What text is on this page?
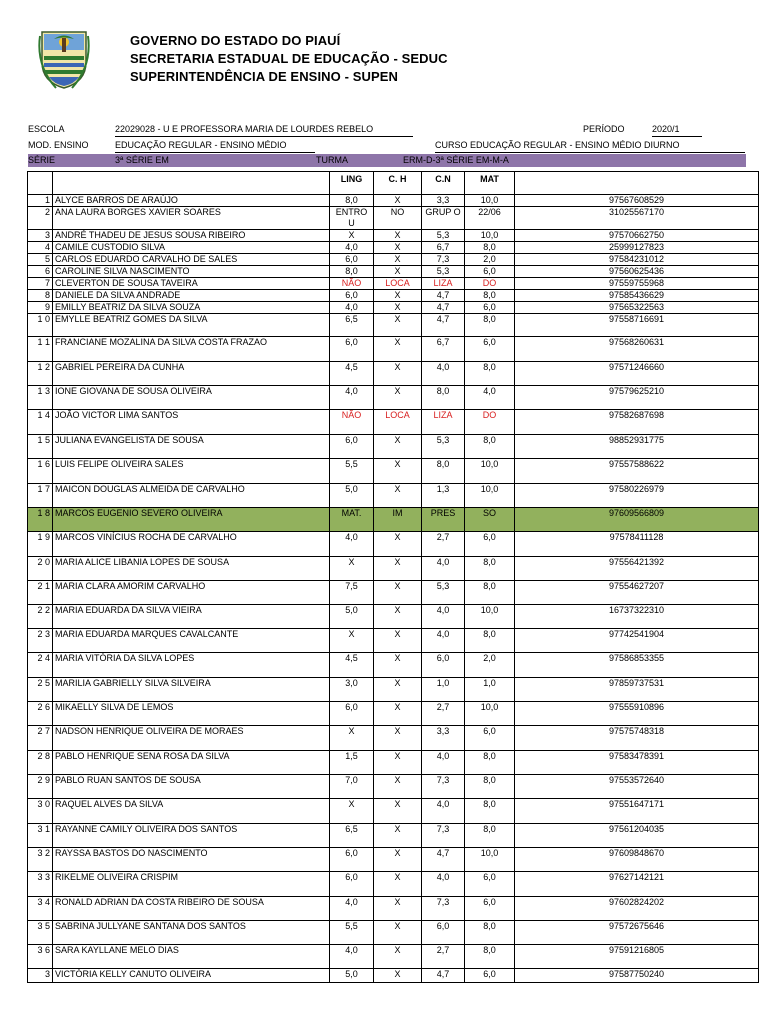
GOVERNO DO ESTADO DO PIAUÍ
SECRETARIA ESTADUAL DE EDUCAÇÃO - SEDUC
SUPERINTENDÊNCIA DE ENSINO - SUPEN
ESCOLA	22029028 - U E PROFESSORA MARIA DE LOURDES REBELO	PERÍODO	2020/1
MOD. ENSINO	EDUCAÇÃO REGULAR - ENSINO MÉDIO	CURSO EDUCAÇÃO REGULAR - ENSINO MÉDIO DIURNO
SÉRIE	3ª SÉRIE EM	TURMA	ERM-D-3ª SÉRIE EM-M-A
		LING	C. H	C.N	MAT	
1	ALYCE BARROS DE ARAÚJO	8,0	X	3,3	10,0	97567608529
2	ANA LAURA BORGES XAVIER SOARES	ENTRO U	NO	GRUP O	22/06	31025567170
3	ANDRÉ THADEU DE JESUS SOUSA RIBEIRO	X	X	5,3	10,0	97570662750
4	CAMILE CUSTODIO SILVA	4,0	X	6,7	8,0	25999127823
5	CARLOS EDUARDO CARVALHO DE SALES	6,0	X	7,3	2,0	97584231012
6	CAROLINE SILVA NASCIMENTO	8,0	X	5,3	6,0	97560625436
7	CLEVERTON DE SOUSA TAVEIRA	NÃO	LOCA	LIZA	DO	97559755968
8	DANIELE DA SILVA ANDRADE	6,0	X	4,7	8,0	97585436629
9	EMILLY BEATRIZ DA SILVA SOUZA	4,0	X	4,7	6,0	97565322563
1 0	EMYLLE BEATRIZ GOMES DA SILVA	6,5	X	4,7	8,0	97558716691
1 1	FRANCIANE MOZALINA DA SILVA COSTA FRAZAO	6,0	X	6,7	6,0	97568260631
1 2	GABRIEL PEREIRA DA CUNHA	4,5	X	4,0	8,0	97571246660
1 3	IONE GIOVANA DE SOUSA OLIVEIRA	4,0	X	8,0	4,0	97579625210
1 4	JOÃO VICTOR LIMA SANTOS	NÃO	LOCA	LIZA	DO	97582687698
1 5	JULIANA EVANGELISTA DE SOUSA	6,0	X	5,3	8,0	98852931775
1 6	LUIS FELIPE OLIVEIRA SALES	5,5	X	8,0	10,0	97557588622
1 7	MAICON DOUGLAS ALMEIDA DE CARVALHO	5,0	X	1,3	10,0	97580226979
1 8	MARCOS EUGENIO SEVERO OLIVEIRA	MAT.	IM	PRES	SO	97609566809
1 9	MARCOS VINÍCIUS ROCHA DE CARVALHO	4,0	X	2,7	6,0	97578411128
2 0	MARIA ALICE LIBANIA LOPES DE SOUSA	X	X	4,0	8,0	97556421392
2 1	MARIA CLARA AMORIM CARVALHO	7,5	X	5,3	8,0	97554627207
2 2	MARIA EDUARDA DA SILVA VIEIRA	5,0	X	4,0	10,0	16737322310
2 3	MARIA EDUARDA MARQUES CAVALCANTE	X	X	4,0	8,0	97742541904
2 4	MARIA VITÓRIA DA SILVA LOPES	4,5	X	6,0	2,0	97586853355
2 5	MARILIA GABRIELLY SILVA SILVEIRA	3,0	X	1,0	1,0	97859737531
2 6	MIKAELLY SILVA DE LEMOS	6,0	X	2,7	10,0	97555910896
2 7	NADSON HENRIQUE OLIVEIRA DE MORAES	X	X	3,3	6,0	97575748318
2 8	PABLO HENRIQUE SENA ROSA DA SILVA	1,5	X	4,0	8,0	97583478391
2 9	PABLO RUAN SANTOS DE SOUSA	7,0	X	7,3	8,0	97553572640
3 0	RAQUEL ALVES DA SILVA	X	X	4,0	8,0	97551647171
3 1	RAYANNE CAMILY OLIVEIRA DOS SANTOS	6,5	X	7,3	8,0	97561204035
3 2	RAYSSA BASTOS DO NASCIMENTO	6,0	X	4,7	10,0	97609848670
3 3	RIKELME OLIVEIRA CRISPIM	6,0	X	4,0	6,0	97627142121
3 4	RONALD ADRIAN DA COSTA RIBEIRO DE SOUSA	4,0	X	7,3	6,0	97602824202
3 5	SABRINA JULLYANE SANTANA DOS SANTOS	5,5	X	6,0	8,0	97572675646
3 6	SARA KAYLLANE MELO DIAS	4,0	X	2,7	8,0	97591216805
3	VICTÓRIA KELLY CANUTO OLIVEIRA	5,0	X	4,7	6,0	97587750240
